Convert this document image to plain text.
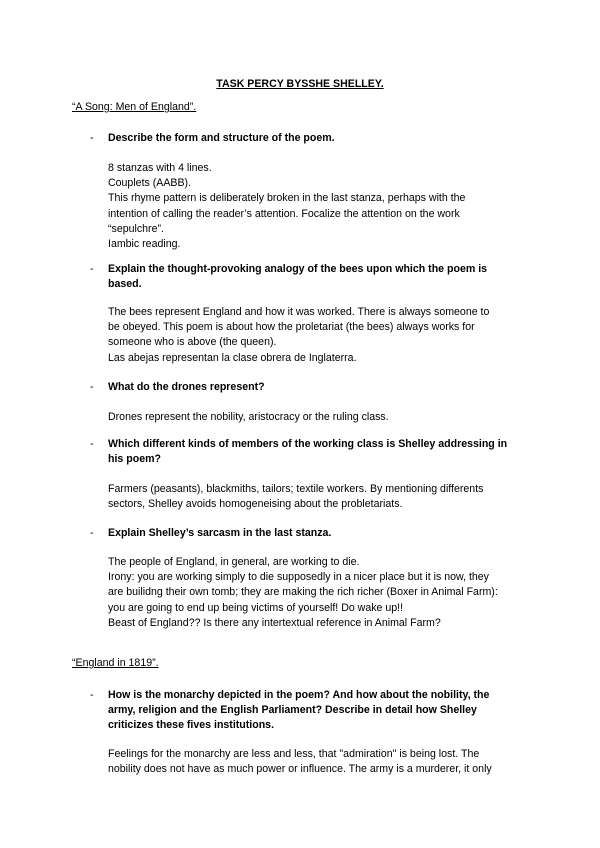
TASK PERCY BYSSHE SHELLEY.
“A Song: Men of England”.
- Describe the form and structure of the poem.

8 stanzas with 4 lines.

Couplets (AABB).

This rhyme pattern is deliberately broken in the last stanza, perhaps with the intention of calling the reader’s attention. Focalize the attention on the work “sepulchre”.

Iambic reading.

- Explain the thought-provoking analogy of the bees upon which the poem is based.

The bees represent England and how it was worked. There is always someone to be obeyed. This poem is about how the proletariat (the bees) always works for someone who is above (the queen).

Las abejas representan la clase obrera de Inglaterra.

- What do the drones represent?

Drones represent the nobility, aristocracy or the ruling class.

- Which different kinds of members of the working class is Shelley addressing in his poem?

Farmers (peasants), blackmiths, tailors; textile workers. By mentioning differents sectors, Shelley avoids homogeneising about the probletariats.

- Explain Shelley’s sarcasm in the last stanza.

The people of England, in general, are working to die.

Irony: you are working simply to die supposedly in a nicer place but it is now, they are builidng their own tomb; they are making the rich richer (Boxer in Animal Farm): you are going to end up being victims of yourself! Do wake up!!

Beast of England?? Is there any intertextual reference in Animal Farm?

“England in 1819”.
- How is the monarchy depicted in the poem? And how about the nobility, the army, religion and the English Parliament? Describe in detail how Shelley criticizes these fives institutions.

Feelings for the monarchy are less and less, that "admiration" is being lost. The nobility does not have as much power or influence. The army is a murderer, it only
